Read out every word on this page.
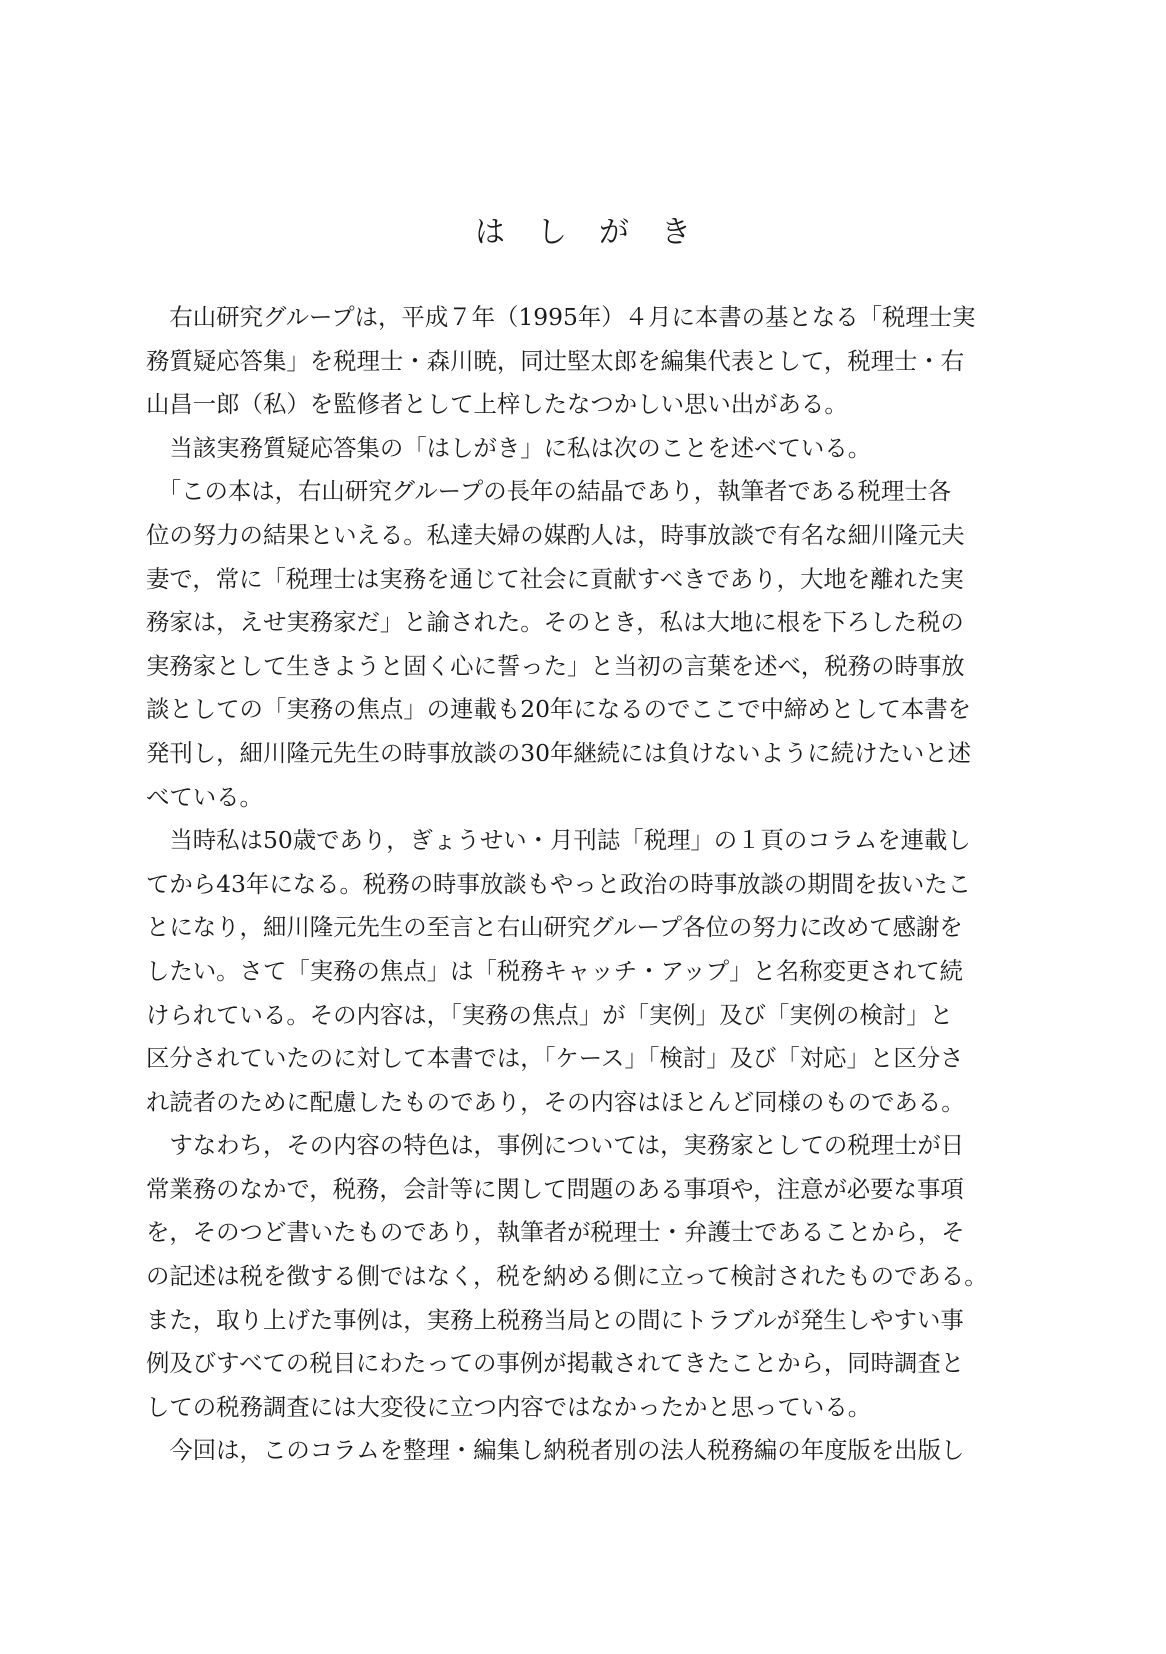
はしがき
　右山研究グループは，平成７年（1995年）４月に本書の基となる「税理士実
務質疑応答集」を税理士・森川暁，同辻堅太郎を編集代表として，税理士・右
山昌一郎（私）を監修者として上梓したなつかしい思い出がある。
　当該実務質疑応答集の「はしがき」に私は次のことを述べている。
　「この本は，右山研究グループの長年の結晶であり，執筆者である税理士各
位の努力の結果といえる。私達夫婦の媒酌人は，時事放談で有名な細川隆元夫
妻で，常に「税理士は実務を通じて社会に貢献すべきであり，大地を離れた実
務家は，えせ実務家だ」と諭された。そのとき，私は大地に根を下ろした税の
実務家として生きようと固く心に誓った」と当初の言葉を述べ，税務の時事放
談としての「実務の焦点」の連載も20年になるのでここで中締めとして本書を
発刊し，細川隆元先生の時事放談の30年継続には負けないように続けたいと述
べている。
　当時私は50歳であり，ぎょうせい・月刊誌「税理」の１頁のコラムを連載し
てから43年になる。税務の時事放談もやっと政治の時事放談の期間を抜いたこ
とになり，細川隆元先生の至言と右山研究グループ各位の努力に改めて感謝を
したい。さて「実務の焦点」は「税務キャッチ・アップ」と名称変更されて続
けられている。その内容は，「実務の焦点」が「実例」及び「実例の検討」と
区分されていたのに対して本書では，「ケース」「検討」及び「対応」と区分さ
れ読者のために配慮したものであり，その内容はほとんど同様のものである。
　すなわち，その内容の特色は，事例については，実務家としての税理士が日
常業務のなかで，税務，会計等に関して問題のある事項や，注意が必要な事項
を，そのつど書いたものであり，執筆者が税理士・弁護士であることから，そ
の記述は税を徴する側ではなく，税を納める側に立って検討されたものである。
また，取り上げた事例は，実務上税務当局との間にトラブルが発生しやすい事
例及びすべての税目にわたっての事例が掲載されてきたことから，同時調査と
しての税務調査には大変役に立つ内容ではなかったかと思っている。
　今回は，このコラムを整理・編集し納税者別の法人税務編の年度版を出版し
